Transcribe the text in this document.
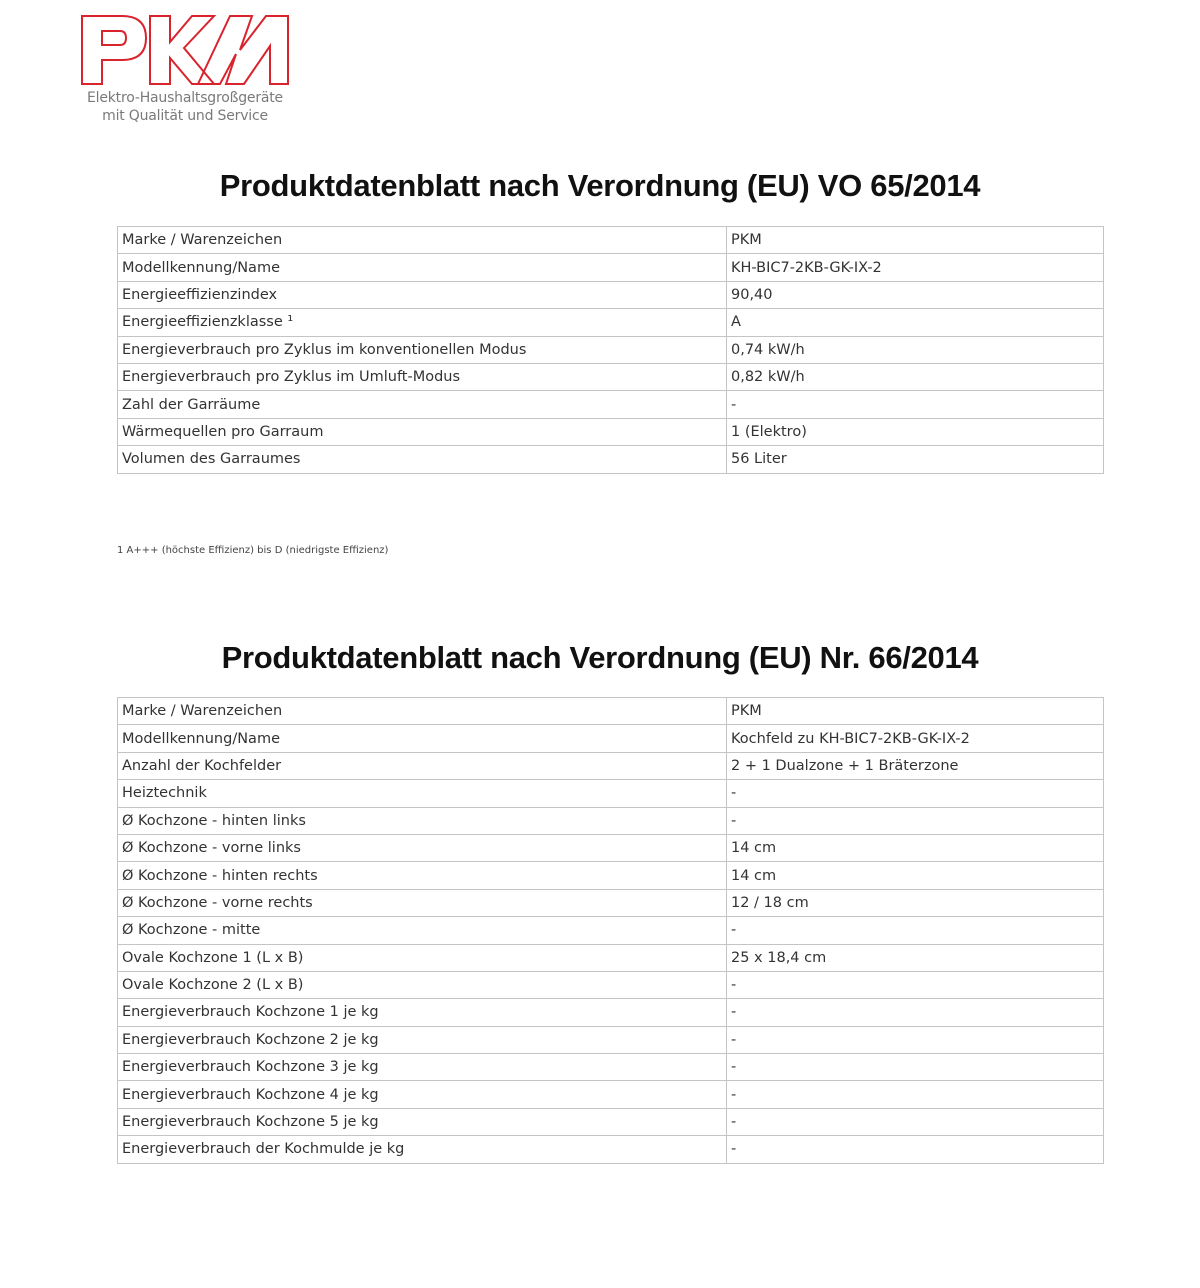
Elektro-Haushaltsgroßgeräte
mit Qualität und Service
Produktdatenblatt nach Verordnung (EU) VO 65/2014
Marke / Warenzeichen	PKM
Modellkennung/Name	KH-BIC7-2KB-GK-IX-2
Energieeffizienzindex	90,40
Energieeffizienzklasse ¹	A
Energieverbrauch pro Zyklus im konventionellen Modus	0,74 kW/h
Energieverbrauch pro Zyklus im Umluft-Modus	0,82 kW/h
Zahl der Garräume	-
Wärmequellen pro Garraum	1 (Elektro)
Volumen des Garraumes	56 Liter
1 A+++ (höchste Effizienz) bis D (niedrigste Effizienz)
Produktdatenblatt nach Verordnung (EU) Nr. 66/2014
Marke / Warenzeichen	PKM
Modellkennung/Name	Kochfeld zu KH-BIC7-2KB-GK-IX-2
Anzahl der Kochfelder	2 + 1 Dualzone + 1 Bräterzone
Heiztechnik	-
Ø Kochzone - hinten links	-
Ø Kochzone - vorne links	14 cm
Ø Kochzone - hinten rechts	14 cm
Ø Kochzone - vorne rechts	12 / 18 cm
Ø Kochzone - mitte	-
Ovale Kochzone 1 (L x B)	25 x 18,4 cm
Ovale Kochzone 2 (L x B)	-
Energieverbrauch Kochzone 1 je kg	-
Energieverbrauch Kochzone 2 je kg	-
Energieverbrauch Kochzone 3 je kg	-
Energieverbrauch Kochzone 4 je kg	-
Energieverbrauch Kochzone 5 je kg	-
Energieverbrauch der Kochmulde je kg	-
